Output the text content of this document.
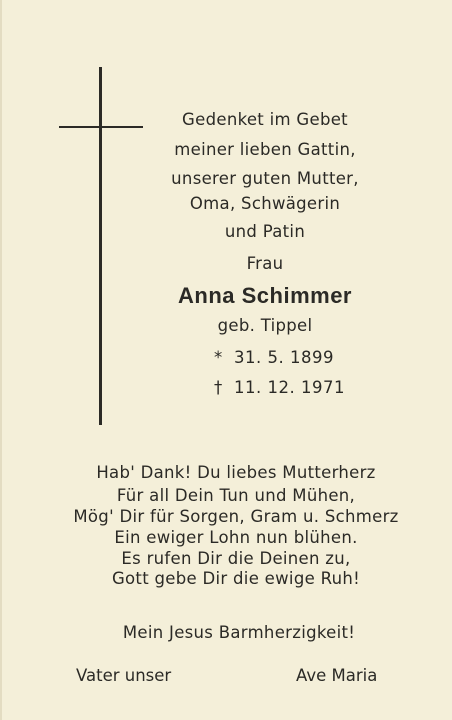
Gedenket im Gebet
meiner lieben Gattin,
unserer guten Mutter,
Oma, Schwägerin
und Patin
Frau
Anna Schimmer
geb. Tippel
* 31. 5. 1899
† 11. 12. 1971
Hab' Dank! Du liebes Mutterherz
Für all Dein Tun und Mühen,
Mög' Dir für Sorgen, Gram u. Schmerz
Ein ewiger Lohn nun blühen.
Es rufen Dir die Deinen zu,
Gott gebe Dir die ewige Ruh!
Mein Jesus Barmherzigkeit!
Vater unser	Ave Maria
